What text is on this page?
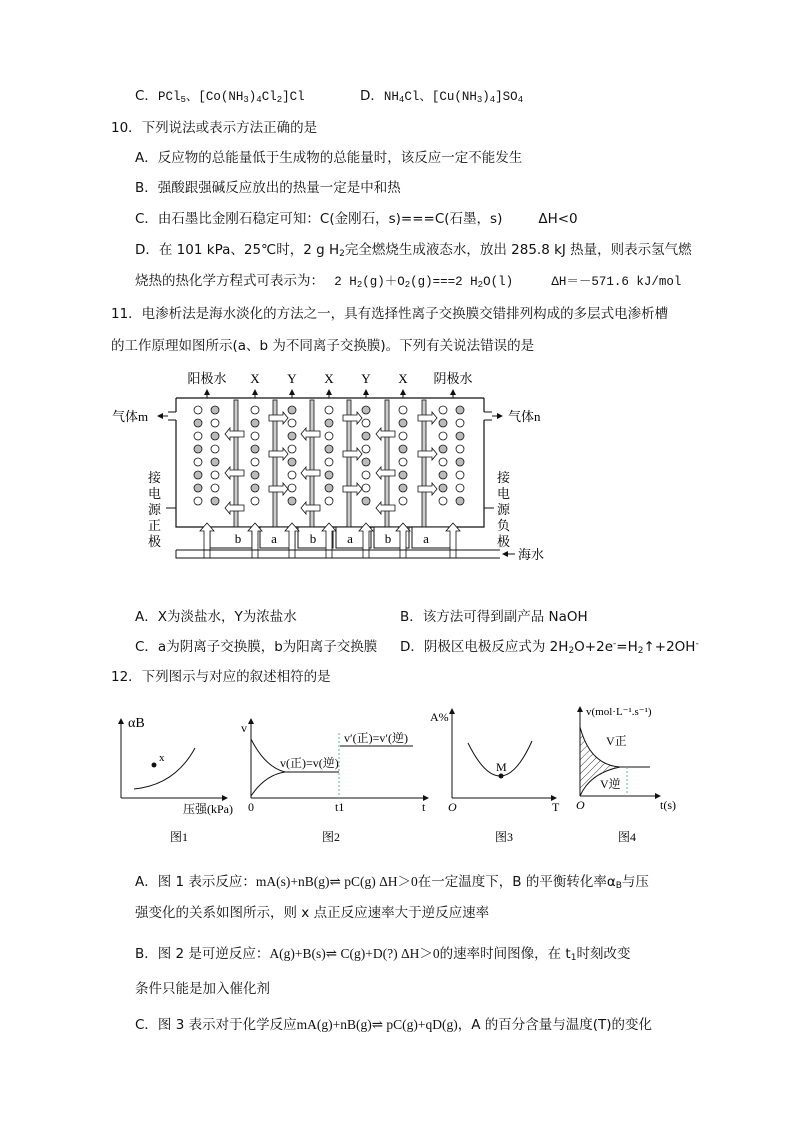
C．PCl$_5$、$[Co(NH_3)_4Cl_2]Cl$	D．$NH_4Cl$、$[Cu(NH_3)_4]SO_4$
10．下列说法或表示方法正确的是
A．反应物的总能量低于生成物的总能量时，该反应一定不能发生
B．强酸跟强碱反应放出的热量一定是中和热
C．由石墨比金刚石稳定可知：C(金刚石，s)===C(石墨，s)	ΔH<0
D．在 101 kPa、25℃时，2 g $H_2$完全燃烧生成液态水，放出 285.8 kJ 热量，则表示氢气燃
烧热的热化学方程式可表示为： 2 $H_2(g)+O_2(g)===2$ $H_2O(l)$	ΔH＝－571.6 kJ/mol
11．电渗析法是海水淡化的方法之一，具有选择性离子交换膜交错排列构成的多层式电渗析槽
的工作原理如图所示(a、b 为不同离子交换膜)。下列有关说法错误的是
阳极水 X Y X Y X 阴极水
气体m	气体n
接
电
源
正
极
接
电
源
负
极
b a	b a b a
海水
A．X为淡盐水，Y为浓盐水	B．该方法可得到副产品 NaOH
C．a为阴离子交换膜，b为阳离子交换膜 D．阴极区电极反应式为 $2H_2O+2e^-=H_2↑+2OH^-$
12．下列图示与对应的叙述相符的是
αB
x
压强(kPa)
v
0	t
t1
v(正)=v(逆)
v′(正)=v′(逆)
A%
O	T
M
v(mol·L⁻¹.s⁻¹)
O	t(s)
V正
V逆
图1	图2	图3	图4
A．图 1 表示反应：mA(s)+nB(g)⇌ pC(g) ΔH＞0在一定温度下，B 的平衡转化率$\alpha_B$与压
强变化的关系如图所示，则 x 点正反应速率大于逆反应速率
B．图 2 是可逆反应：A(g)+B(s)⇌ C(g)+D(?) ΔH＞0的速率时间图像，在 $t_1$时刻改变
条件只能是加入催化剂
C．图 3 表示对于化学反应mA(g)+nB(g)⇌ pC(g)+qD(g)，A 的百分含量与温度(T)的变化
